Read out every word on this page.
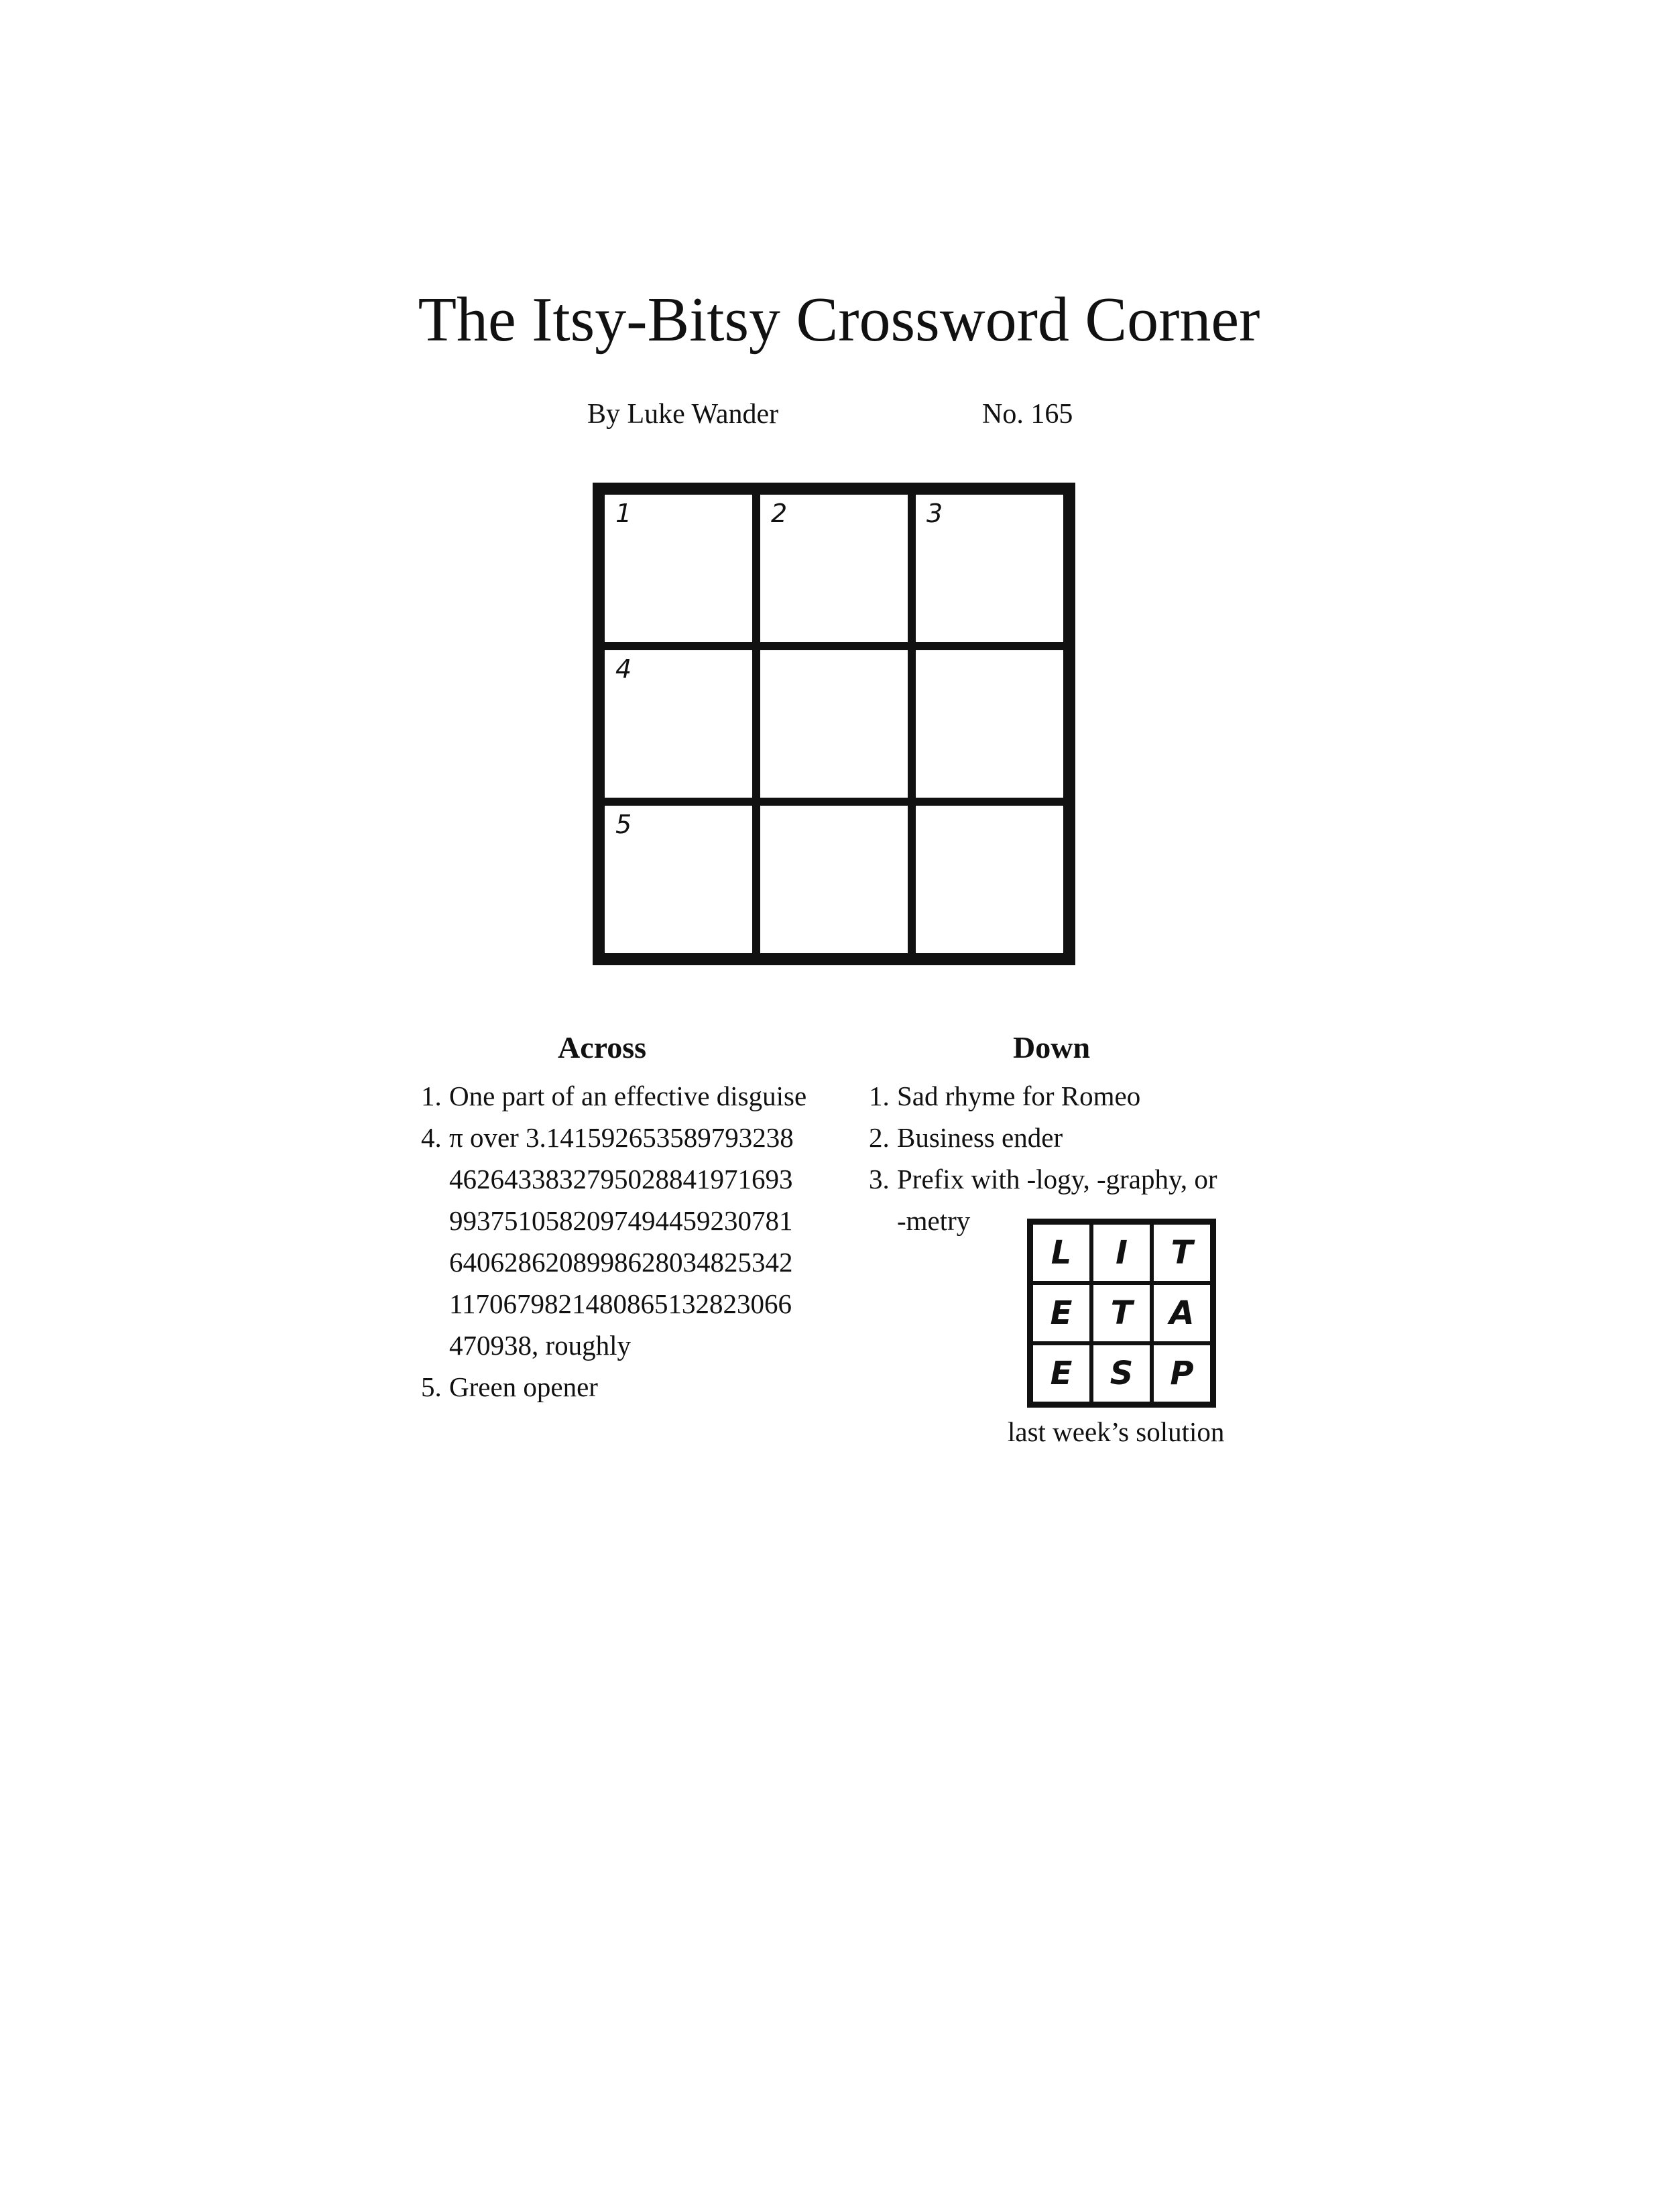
The Itsy-Bitsy Crossword Corner
By Luke Wander	No. 165
1	2	3
4
5
Across	Down
1. One part of an effective disguise
4. π over 3.1415926535897932384626433832795028841971693993751058209749445923078164062862089986280348253421170679821480865132823066470938, roughly
5. Green opener
1. Sad rhyme for Romeo
2. Business ender
3. Prefix with -logy, -graphy, or -metry
L	I	T
E	T	A
E	S	P
last week’s solution
